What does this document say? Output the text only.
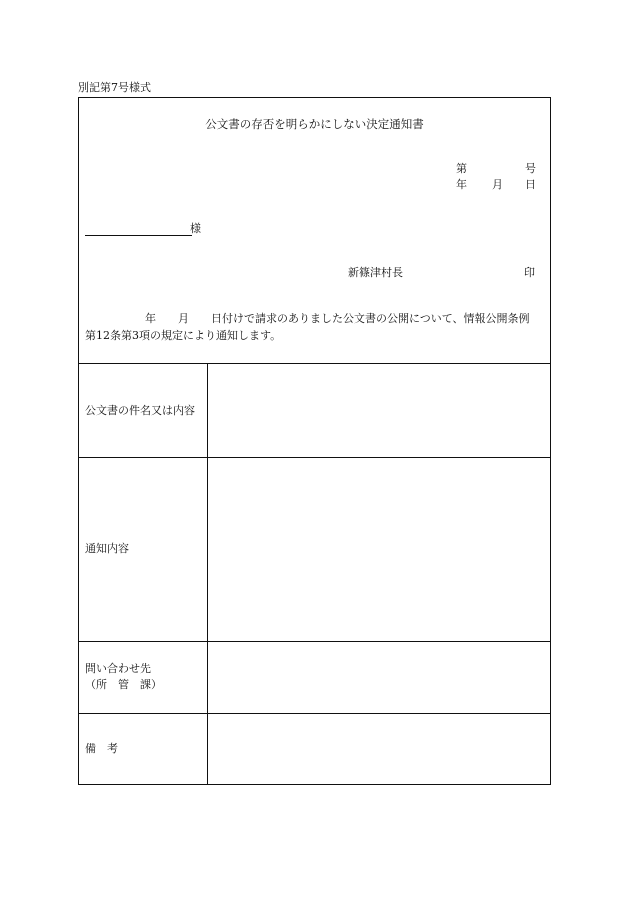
別記第7号様式
公文書の存否を明らかにしない決定通知書
第	号
年 月 日
様
新篠津村長	印
年　　月　　日付けで請求のありました公文書の公開について、情報公開条例
第12条第3項の規定により通知します。
公文書の件名又は内容
通知内容
問い合わせ先
（所　管　課）
備　考
